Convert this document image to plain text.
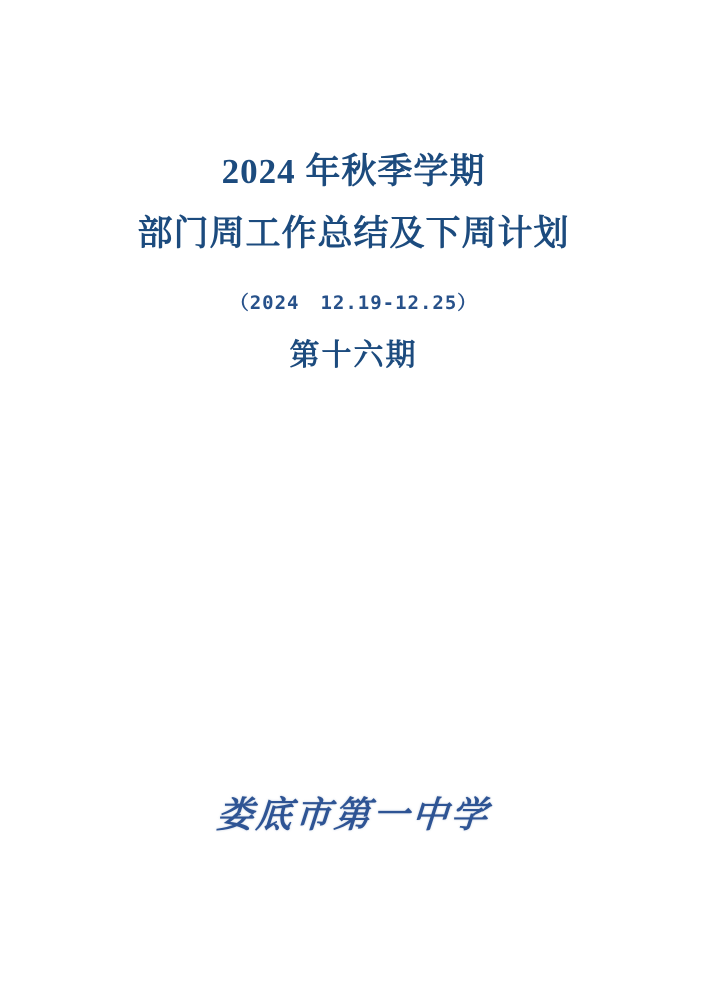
2024 年秋季学期
部门周工作总结及下周计划

（2024 12.19-12.25）

第十六期

娄底市第一中学
